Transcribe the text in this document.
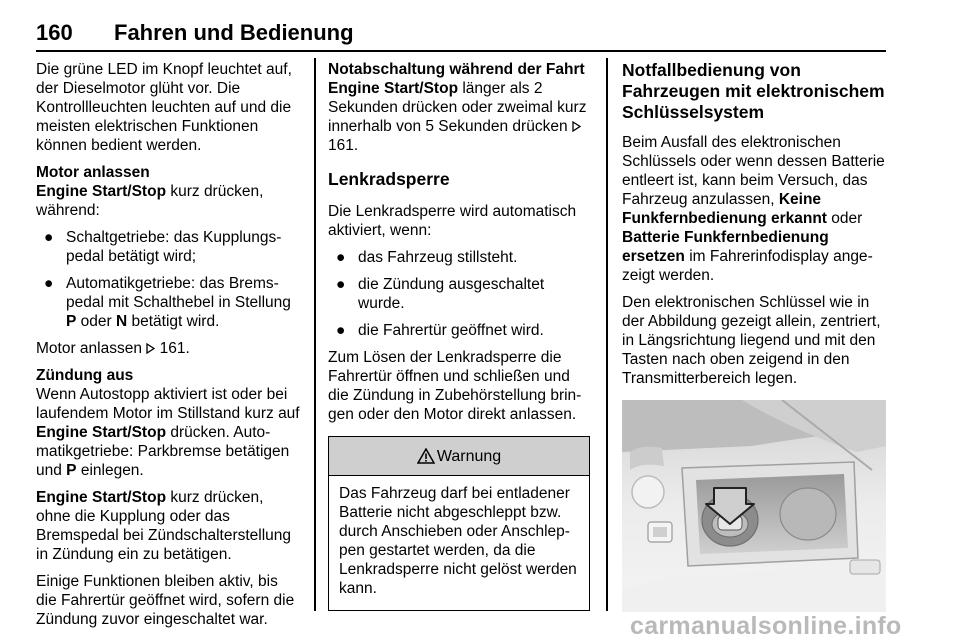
160 Fahren und Bedienung

Die grüne LED im Knopf leuchtet auf, der Dieselmotor glüht vor. Die Kontrollleuchten leuchten auf und die meisten elektrischen Funktionen können bedient werden.

Motor anlassen

Engine Start/Stop kurz drücken, während:

● Schaltgetriebe: das Kupplungspedal betätigt wird;
● Automatikgetriebe: das Bremspedal mit Schalthebel in Stellung P oder N betätigt wird.

Motor anlassen  161.

Zündung aus

Wenn Autostopp aktiviert ist oder bei laufendem Motor im Stillstand kurz auf Engine Start/Stop drücken. Automatikgetriebe: Parkbremse betätigen und P einlegen.

Engine Start/Stop kurz drücken, ohne die Kupplung oder das Bremspedal bei Zündschalterstellung in Zündung ein zu betätigen.

Einige Funktionen bleiben aktiv, bis die Fahrertür geöffnet wird, sofern die Zündung zuvor eingeschaltet war.

Notabschaltung während der Fahrt

Engine Start/Stop länger als 2 Sekunden drücken oder zweimal kurz innerhalb von 5 Sekunden drücken  161.

Lenkradsperre

Die Lenkradsperre wird automatisch aktiviert, wenn:

● das Fahrzeug stillsteht.
● die Zündung ausgeschaltet wurde.
● die Fahrertür geöffnet wird.

Zum Lösen der Lenkradsperre die Fahrertür öffnen und schließen und die Zündung in Zubehörstellung bringen oder den Motor direkt anlassen.

Warnung
Das Fahrzeug darf bei entladener Batterie nicht abgeschleppt bzw. durch Anschieben oder Anschleppen gestartet werden, da die Lenkradsperre nicht gelöst werden kann.
Notfallbedienung von Fahrzeugen mit elektronischem Schlüsselsystem

Beim Ausfall des elektronischen Schlüssels oder wenn dessen Batterie entleert ist, kann beim Versuch, das Fahrzeug anzulassen, Keine Funkfernbedienung erkannt oder Batterie Funkfernbedienung ersetzen im Fahrerinfodisplay angezeigt werden.

Den elektronischen Schlüssel wie in der Abbildung gezeigt allein, zentriert, in Längsrichtung liegend und mit den Tasten nach oben zeigend in den Transmitterbereich legen.

carmanualsonline.info
